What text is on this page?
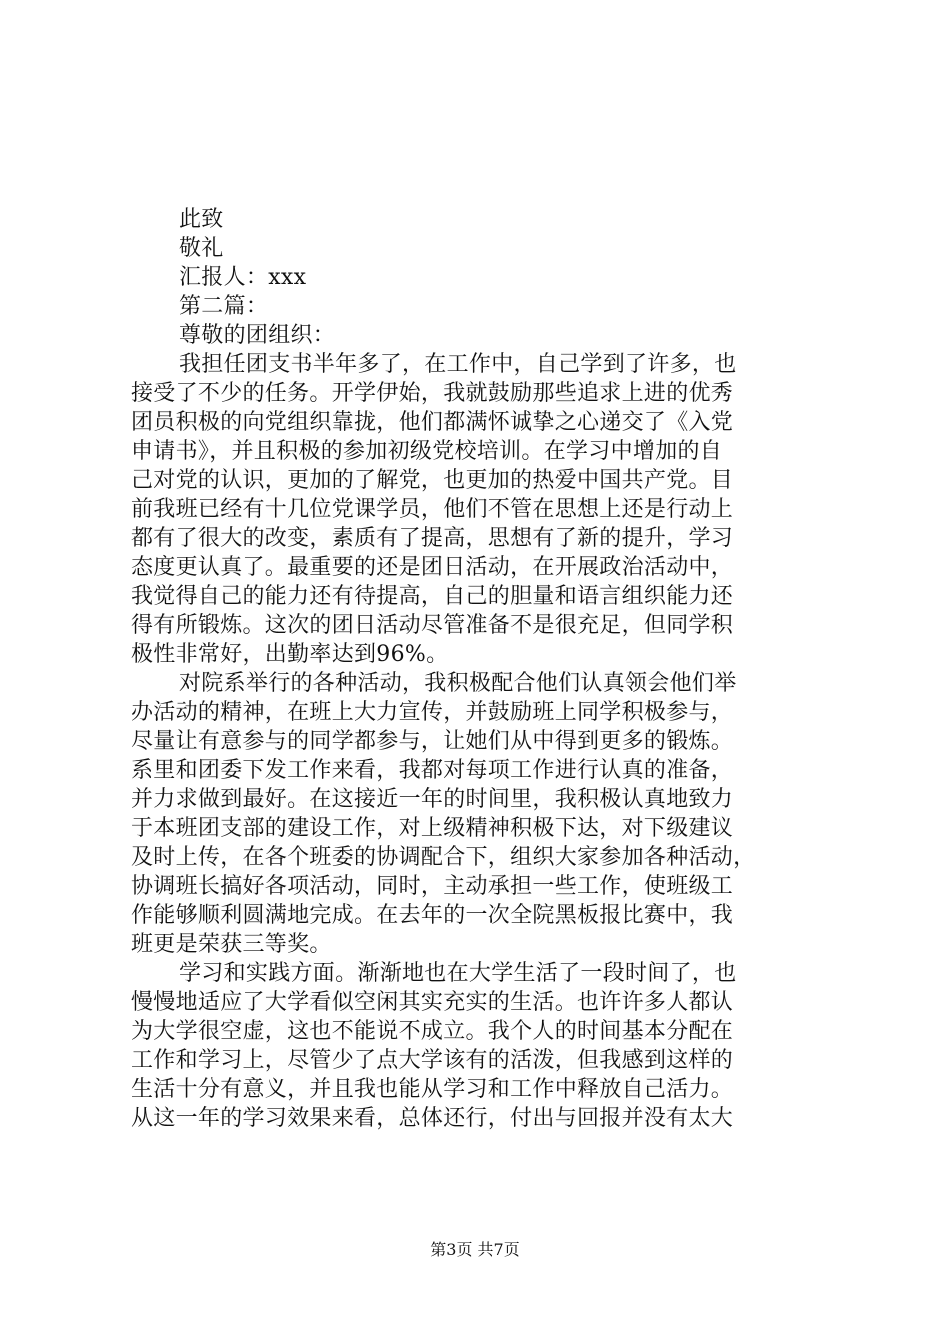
此致
敬礼
汇报人：xxx
第二篇：
尊敬的团组织：
我担任团支书半年多了，在工作中，自己学到了许多，也
接受了不少的任务。开学伊始，我就鼓励那些追求上进的优秀
团员积极的向党组织靠拢，他们都满怀诚挚之心递交了《入党
申请书》，并且积极的参加初级党校培训。在学习中增加的自
己对党的认识，更加的了解党，也更加的热爱中国共产党。目
前我班已经有十几位党课学员，他们不管在思想上还是行动上
都有了很大的改变，素质有了提高，思想有了新的提升，学习
态度更认真了。最重要的还是团日活动，在开展政治活动中，
我觉得自己的能力还有待提高，自己的胆量和语言组织能力还
得有所锻炼。这次的团日活动尽管准备不是很充足，但同学积
极性非常好，出勤率达到96%。
对院系举行的各种活动，我积极配合他们认真领会他们举
办活动的精神，在班上大力宣传，并鼓励班上同学积极参与，
尽量让有意参与的同学都参与，让她们从中得到更多的锻炼。
系里和团委下发工作来看，我都对每项工作进行认真的准备，
并力求做到最好。在这接近一年的时间里，我积极认真地致力
于本班团支部的建设工作，对上级精神积极下达，对下级建议
及时上传，在各个班委的协调配合下，组织大家参加各种活动，
协调班长搞好各项活动，同时，主动承担一些工作，使班级工
作能够顺利圆满地完成。在去年的一次全院黑板报比赛中，我
班更是荣获三等奖。
学习和实践方面。渐渐地也在大学生活了一段时间了，也
慢慢地适应了大学看似空闲其实充实的生活。也许许多人都认
为大学很空虚，这也不能说不成立。我个人的时间基本分配在
工作和学习上，尽管少了点大学该有的活泼，但我感到这样的
生活十分有意义，并且我也能从学习和工作中释放自己活力。
从这一年的学习效果来看，总体还行，付出与回报并没有太大
第3页 共7页
